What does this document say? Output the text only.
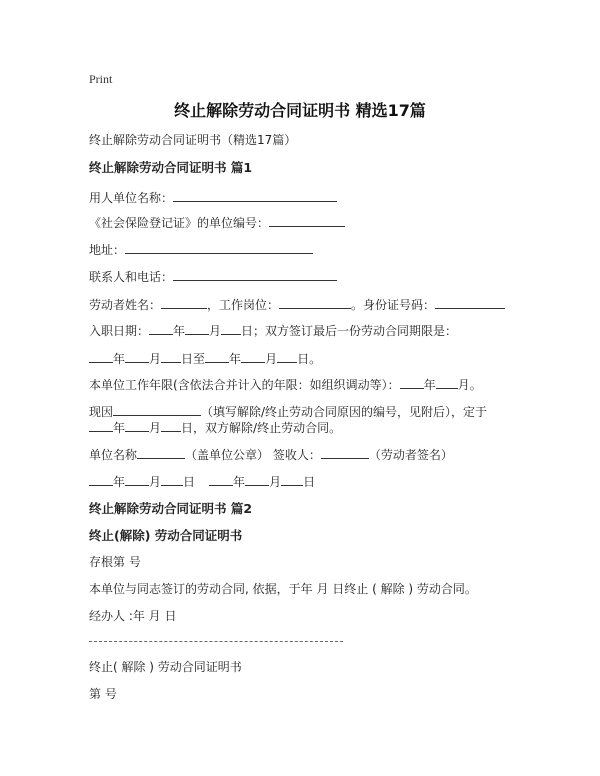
Print
终止解除劳动合同证明书 精选17篇
终止解除劳动合同证明书（精选17篇）
终止解除劳动合同证明书 篇1
用人单位名称：
《社会保险登记证》的单位编号：
地址：
联系人和电话：
劳动者姓名：	，工作岗位：	。身份证号码：
入职日期： 年 月 日；双方签订最后一份劳动合同期限是：
年 月 日至 年 月 日。
本单位工作年限(含依法合并计入的年限：如组织调动等）： 年 月。
现因	（填写解除/终止劳动合同原因的编号，见附后），定于
年 月 日，双方解除/终止劳动合同。
单位名称	（盖单位公章） 签收人：	（劳动者签名）
年 月 日	年 月 日
终止解除劳动合同证明书 篇2
终止(解除) 劳动合同证明书
存根第 号
本单位与同志签订的劳动合同, 依据，于年 月 日终止 ( 解除 ) 劳动合同。
经办人 :年 月 日
终止( 解除 ) 劳动合同证明书
第 号
